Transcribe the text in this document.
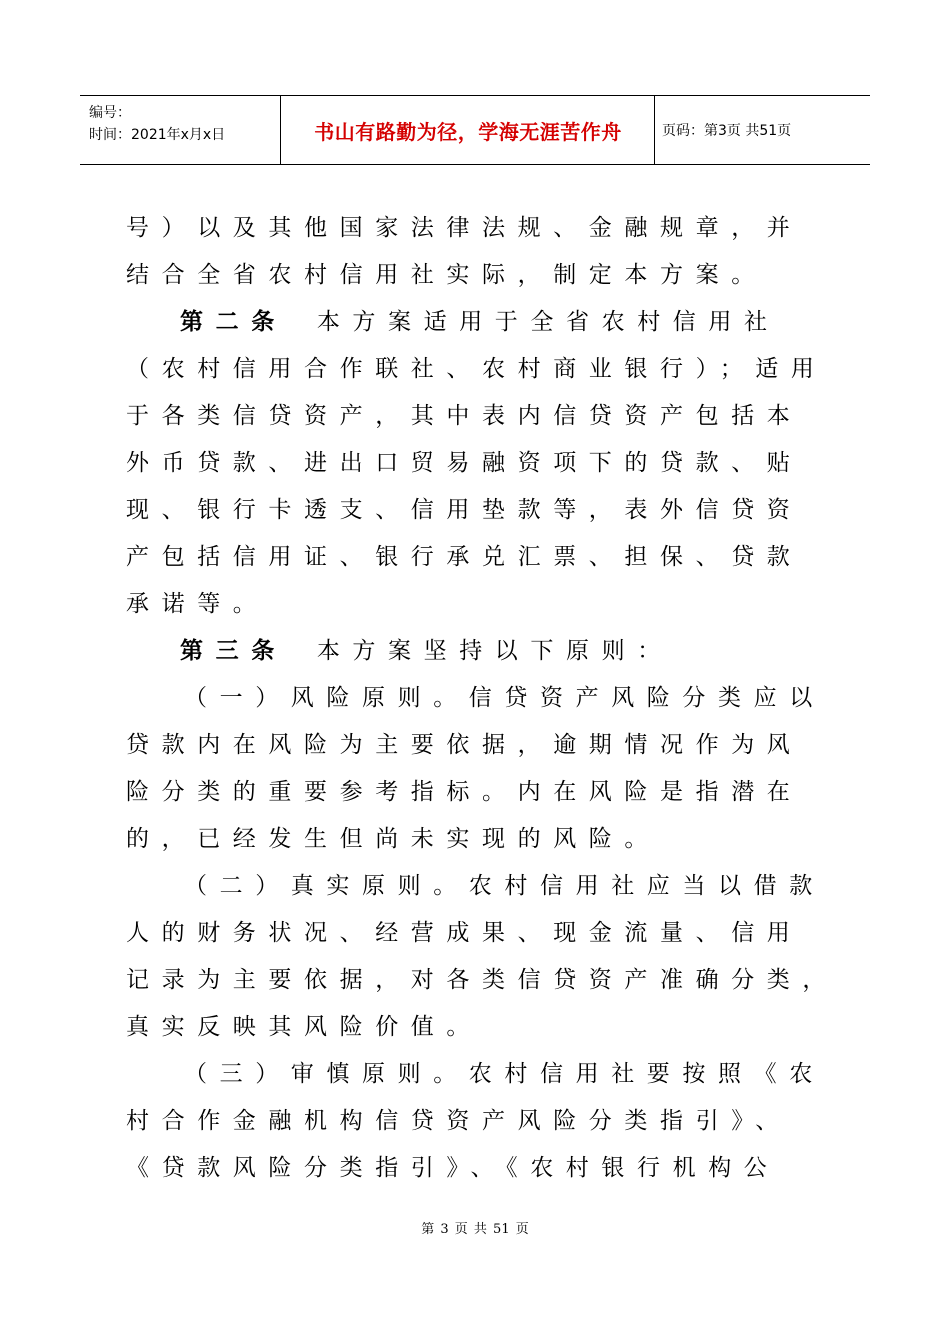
编号：
时间：2021年x月x日	书山有路勤为径，学海无涯苦作舟	页码：第3页 共51页
号）以及其他国家法律法规、金融规章，并
结合全省农村信用社实际，制定本方案。
第二条 本方案适用于全省农村信用社
（农村信用合作联社、农村商业银行）；适用
于各类信贷资产，其中表内信贷资产包括本
外币贷款、进出口贸易融资项下的贷款、贴
现、银行卡透支、信用垫款等，表外信贷资
产包括信用证、银行承兑汇票、担保、贷款
承诺等。
第三条 本方案坚持以下原则：
（一）风险原则。信贷资产风险分类应以
贷款内在风险为主要依据，逾期情况作为风
险分类的重要参考指标。内在风险是指潜在
的，已经发生但尚未实现的风险。
（二）真实原则。农村信用社应当以借款
人的财务状况、经营成果、现金流量、信用
记录为主要依据，对各类信贷资产准确分类，
真实反映其风险价值。
（三）审慎原则。农村信用社要按照《农
村合作金融机构信贷资产风险分类指引》、
《贷款风险分类指引》、《农村银行机构公
第 3 页 共 51 页
